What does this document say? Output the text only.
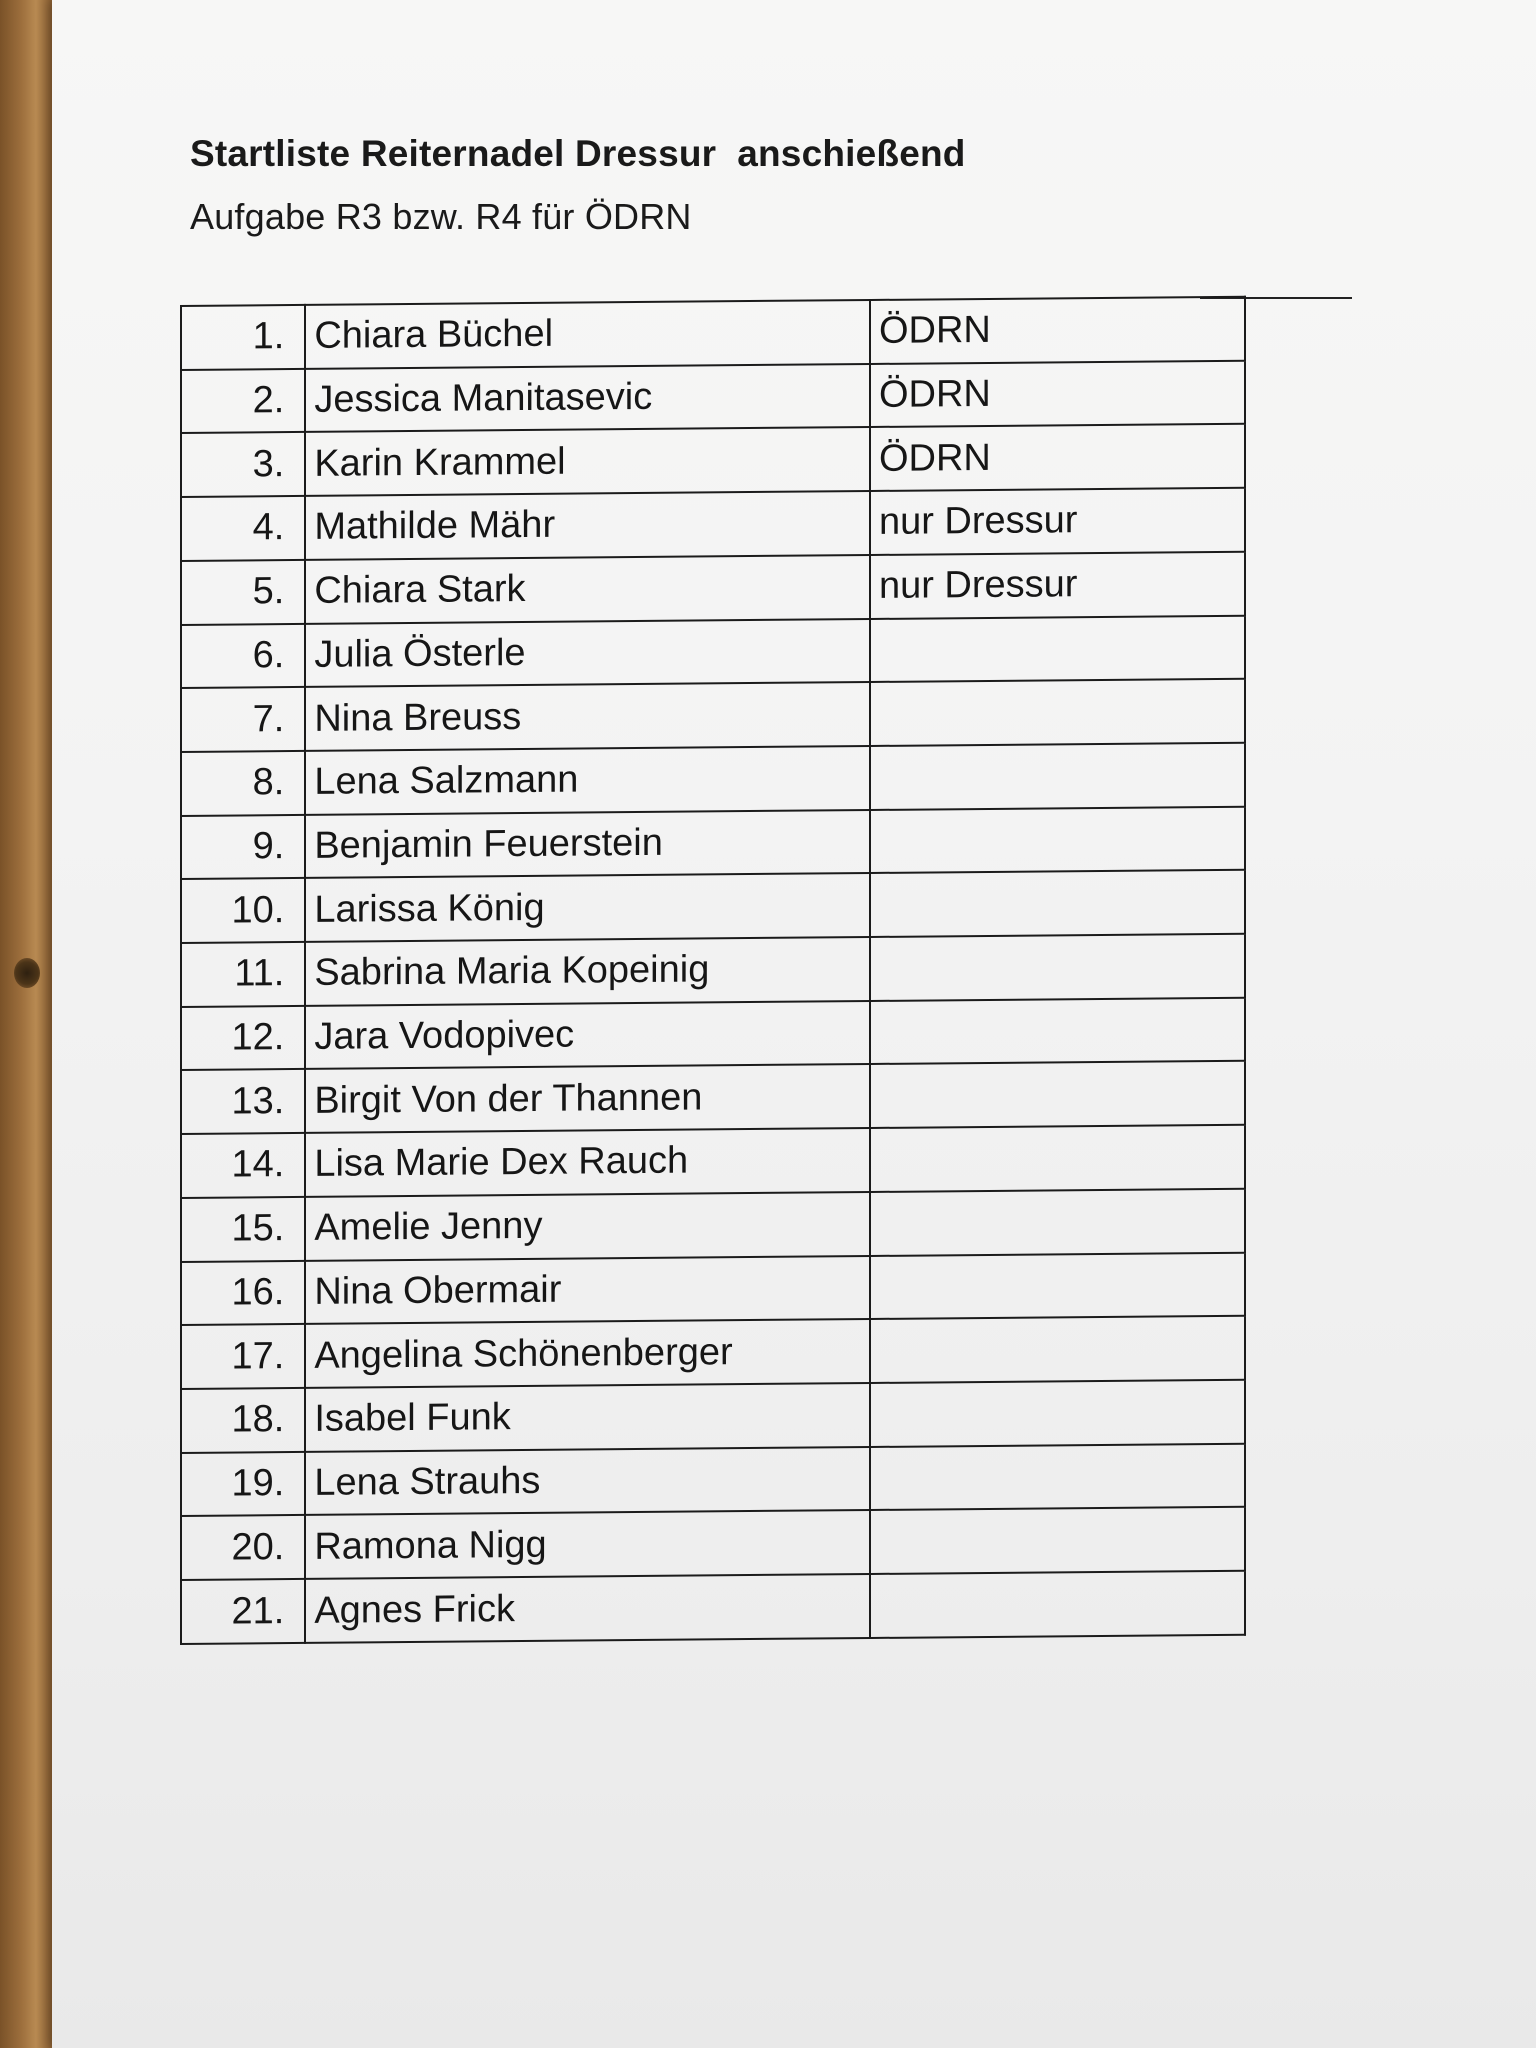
Startliste Reiternadel Dressur  anschießend
Aufgabe R3 bzw. R4 für ÖDRN
1.	Chiara Büchel	ÖDRN
2.	Jessica Manitasevic	ÖDRN
3.	Karin Krammel	ÖDRN
4.	Mathilde Mähr	nur Dressur
5.	Chiara Stark	nur Dressur
6.	Julia Österle	
7.	Nina Breuss	
8.	Lena Salzmann	
9.	Benjamin Feuerstein	
10.	Larissa König	
11.	Sabrina Maria Kopeinig	
12.	Jara Vodopivec	
13.	Birgit Von der Thannen	
14.	Lisa Marie Dex Rauch	
15.	Amelie Jenny	
16.	Nina Obermair	
17.	Angelina Schönenberger	
18.	Isabel Funk	
19.	Lena Strauhs	
20.	Ramona Nigg	
21.	Agnes Frick	
